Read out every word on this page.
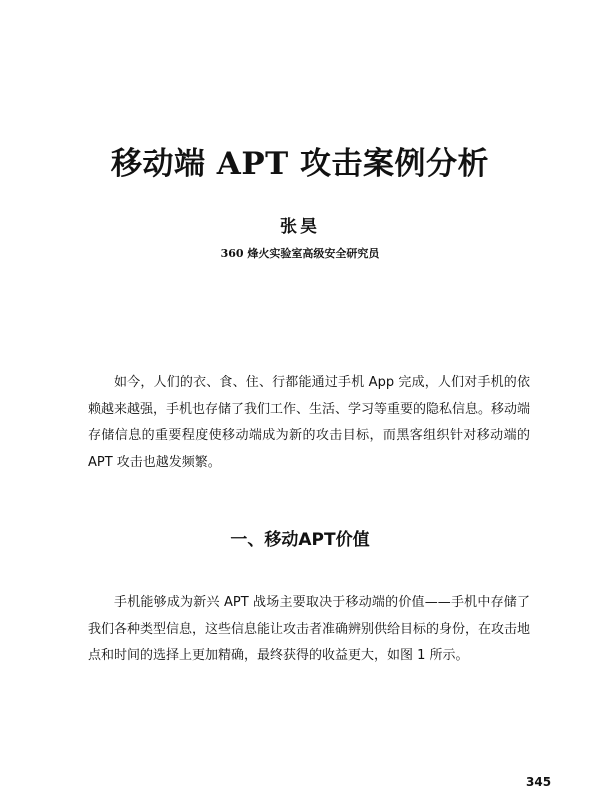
移动端 APT 攻击案例分析
张昊
360 烽火实验室高级安全研究员

如今，人们的衣、食、住、行都能通过手机 App 完成，人们对手机的依赖越来越强，手机也存储了我们工作、生活、学习等重要的隐私信息。移动端存储信息的重要程度使移动端成为新的攻击目标，而黑客组织针对移动端的 APT 攻击也越发频繁。

一、移动APT价值

手机能够成为新兴 APT 战场主要取决于移动端的价值——手机中存储了我们各种类型信息，这些信息能让攻击者准确辨别供给目标的身份，在攻击地点和时间的选择上更加精确，最终获得的收益更大，如图 1 所示。

345
